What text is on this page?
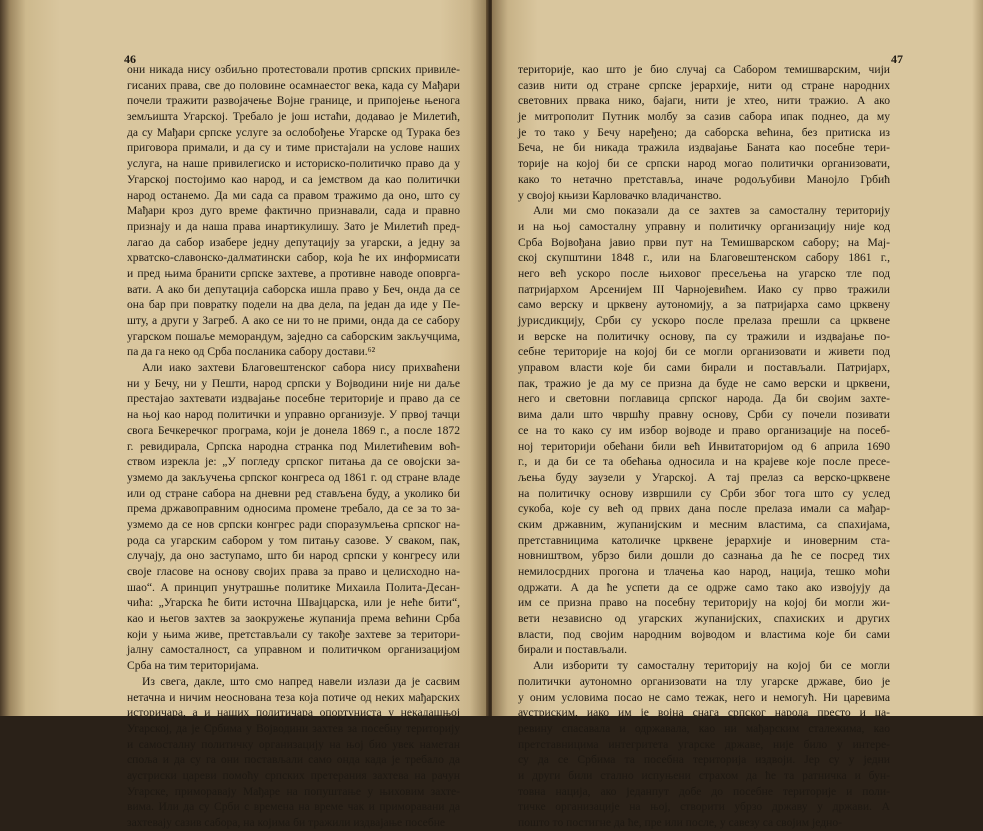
46
они никада нису озбиљно протестовали против српских привиле-
гисаних права, све до половине осамнаестог века, када су Мађари
почели тражити развојачење Војне границе, и припојење њенога
земљишта Угарској. Требало је још истаћи, додавао је Милетић,
да су Мађари српске услуге за ослобођење Угарске од Турака без
приговора примали, и да су и тиме пристајали на услове наших
услуга, на наше привилегиско и историско-политичко право да у
Угарској постојимо као народ, и са јемством да као политички
народ останемо. Да ми сада са правом тражимо да оно, што су
Мађари кроз дуго време фактично признавали, сада и правно
признају и да наша права инартикулишу. Зато је Милетић пред-
лагао да сабор изабере једну депутацију за угарски, а једну за
хрватско-славонско-далматински сабор, која ће их информисати
и пред њима бранити српске захтеве, а противне наводе оповрга-
вати. А ако би депутација саборска ишла право у Беч, онда да се
она бар при повратку подели на два дела, па један да иде у Пе-
шту, а други у Загреб. А ако се ни то не прими, онда да се сабору
угарском пошаље меморандум, заједно са саборским закључцима,
па да га неко од Срба посланика сабору достави.⁶²
Али иако захтеви Благовештенског сабора нису прихваћени
ни у Бечу, ни у Пешти, народ српски у Војводини није ни даље
престајао захтевати издвајање посебне територије и право да се
на њој као народ политички и управно организује. У првој тачци
свога Бечкеречког програма, који је донела 1869 г., а после 1872
г. ревидирала, Српска народна странка под Милетићевим воћ-
ством изрекла је: „У погледу српског питања да се овојски за-
узмемо да закључења српског конгреса од 1861 г. од стране владе
или од стране сабора на дневни ред стављена буду, а уколико би
према државоправним односима промене требало, да се за то за-
узмемо да се нов српски конгрес ради споразумљења српског на-
рода са угарским сабором у том питању сазове. У сваком, пак,
случају, да оно заступамо, што би народ српски у конгресу или
својe гласове на основу својих права за право и целисходно на-
шао“. А принцип унутрашње политике Михаила Полита-Десан-
чића: „Угарска ће бити источна Швајцарска, или је неће бити“,
као и његов захтев за заокружење жупанија према већини Срба
који у њима живе, претстављали су такође захтеве за територи-
јалну самосталност, са управном и политичком организацијом
Срба на тим територијама.
Из свега, дакле, што смо напред навели излази да је сасвим
нетачна и ничим неоснована теза која потиче од неких мађарских
историчара, а и наших политичара опортуниста у некадашњој
Угарској, да је Србима у Војводини захтев за посебну територију
и самосталну политичку организацију на њој био увек наметан
споља и да су га они постављали само онда када је требало да
аустриски цареви помоћу српских претерания захтева на рачун
Угарске, приморавају Мађаре на попуштање у њиховим захте-
вима. Или да су Срби с времена на време чак и примoравани да
захтевају сазив сабора, на којима би тражили издвајање посебне
47
територије, као што је био случај са Сабором темишварским, чији
сазив нити од стране српске јерархије, нити од стране народних
световних првака нико, бајаги, нити је хтео, нити тражио. А ако
је митрополит Путник молбу за сазив сабора ипак поднео, да му
је то тако у Бечу наређено; да саборска већина, без притиска из
Беча, не би никада тражила издвајање Баната као посебне тери-
торије на којој би се српски народ могао политички организовати,
како то нетачно претставља, иначе родољубиви Манојло Грбић
у својој књизи Карловачко владичанство.
Али ми смо показали да се захтев за самосталну територију
и на њој самосталну управну и политичку организацију није код
Срба Војвођана јавио први пут на Темишварском сабору; на Мај-
ској скупштини 1848 г., или на Благовештенском сабору 1861 г.,
него већ ускоро после њиховог пресељења на угарско тле под
патријархом Арсенијем III Чарнојевићем. Иако су прво тражили
само верску и црквену аутономију, а за патријарха само црквену
јурисдикцију, Срби су ускоро после прелаза прешли са црквене
и верске на политичку основу, па су тражили и издвајање по-
себне територије на којој би се могли организовати и живети под
управом власти које би сами бирали и постављали. Патријарх,
пак, тражио је да му се призна да буде не само верски и црквени,
него и световни поглавица српског народа. Да би својим захте-
вима дали што чвршћу правну основу, Срби су почели позивати
се на то како су им избор војводе и право организације на посеб-
ној територији обећани били већ Инвитаторијом од 6 априла 1690
г., и да би се та обећања односила и на крајеве које после пресе-
љења буду заузели у Угарској. А тај прелаз са верско-црквене
на политичку основу извршили су Срби због тога што су услед
сукоба, које су већ од првих дана после прелаза имали са мађар-
ским државним, жупанијским и месним властима, са спахијама,
претставницима католичке црквене јерархије и иноверним ста-
новништвом, убрзо били дошли до сазнања да ће се посред тих
немилосрдних прогона и тлачења као народ, нација, тешко моћи
одржати. А да ће успети да се одрже само тако ако извојују да
им се призна право на посебну територију на којој би могли жи-
вети независно од угарских жупанијских, спахиских и других
власти, под својим народним војводом и властима које би сами
бирали и постављали.
Али изборити ту самосталну територију на којој би се могли
политички аутономно организовати на тлу угарске државе, био је
у оним условима посао не само тежак, него и немогућ. Ни царевима
аустриским, иако им је војна снага српског народа престо и ца-
ревину спасавала и одржавала, као ни мађарским сталежима, као
претставницима интегритета угарске државе, није било у интере-
су да се Србима та посебна територија издвоји. Јер су у једни
и други били стално испуњени страхом да ће та ратничка и бун-
товна нација, ако једанпут добе до посебне територије и поли-
тичке организације на њој, створити убрзо државу у држави. А
пошто то постигне да ће, пре или после, у савезу са својим једно-
